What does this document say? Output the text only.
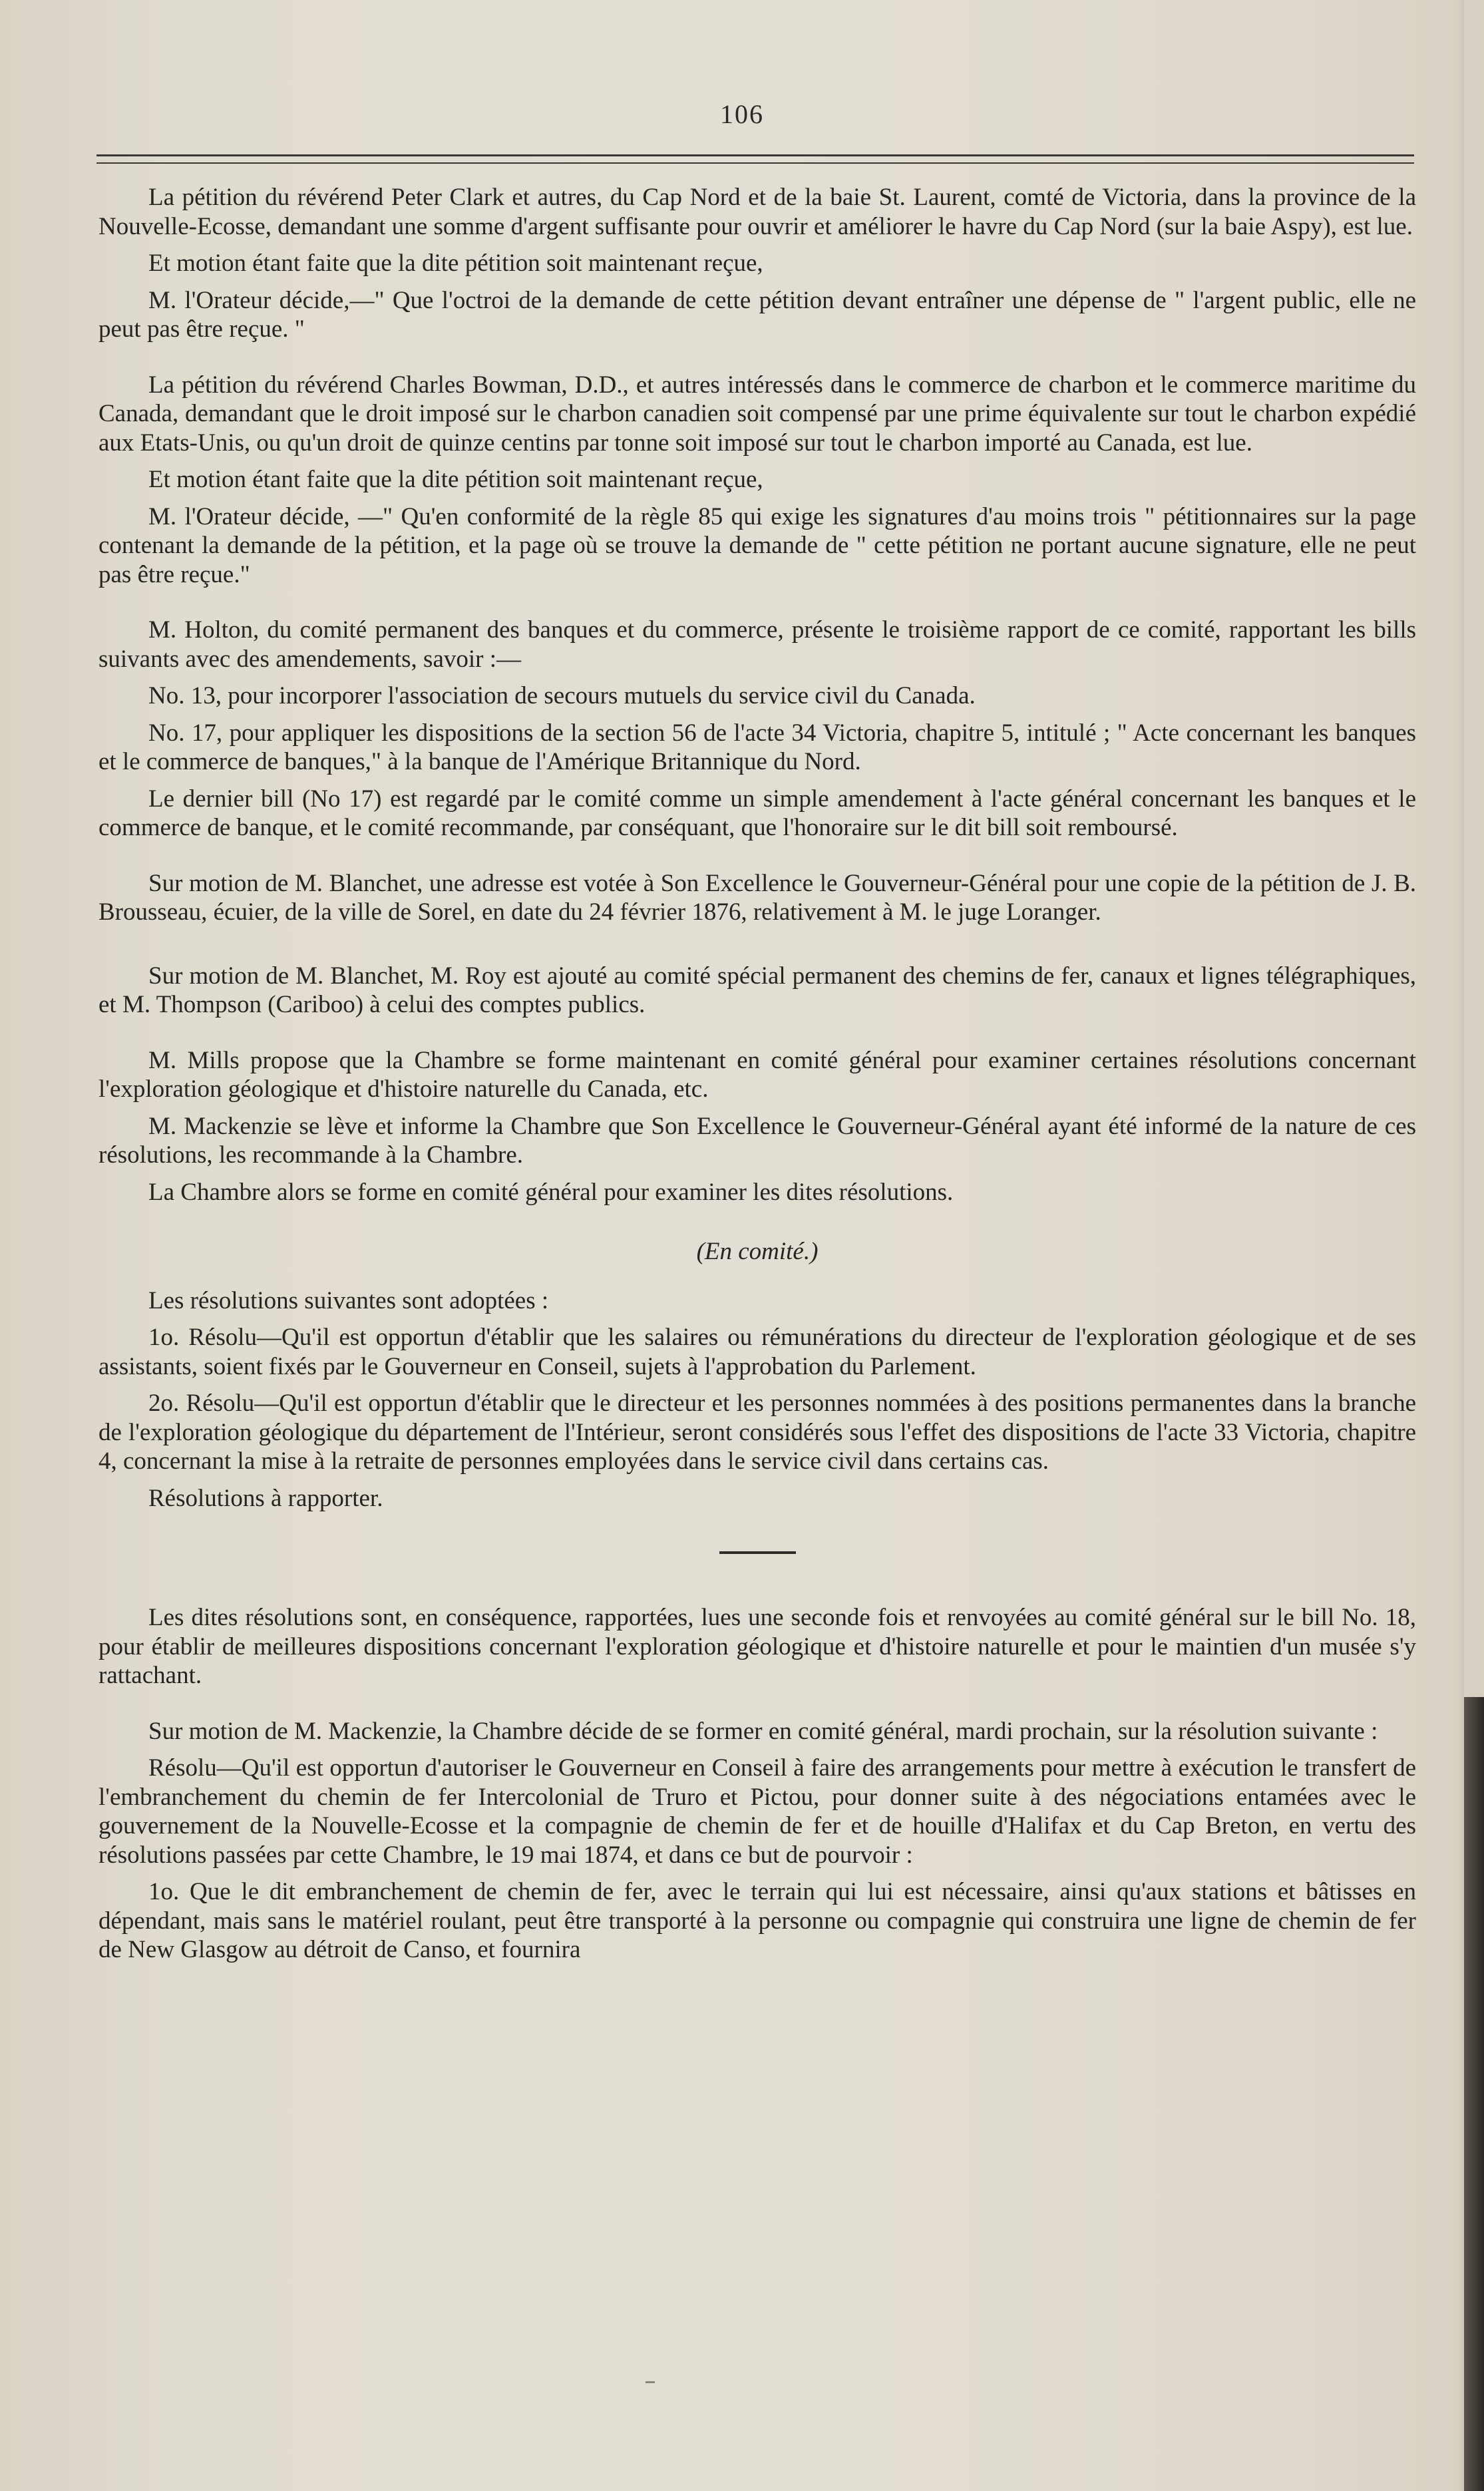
106

La pétition du révérend Peter Clark et autres, du Cap Nord et de la baie St. Laurent, comté de Victoria, dans la province de la Nouvelle-Ecosse, demandant une somme d'argent suffisante pour ouvrir et améliorer le havre du Cap Nord (sur la baie Aspy), est lue.

Et motion étant faite que la dite pétition soit maintenant reçue,

M. l'Orateur décide,—" Que l'octroi de la demande de cette pétition devant entraîner une dépense de " l'argent public, elle ne peut pas être reçue. "

La pétition du révérend Charles Bowman, D.D., et autres intéressés dans le commerce de charbon et le commerce maritime du Canada, demandant que le droit imposé sur le charbon canadien soit compensé par une prime équivalente sur tout le charbon expédié aux Etats-Unis, ou qu'un droit de quinze centins par tonne soit imposé sur tout le charbon importé au Canada, est lue.

Et motion étant faite que la dite pétition soit maintenant reçue,

M. l'Orateur décide, —" Qu'en conformité de la règle 85 qui exige les signatures d'au moins trois " pétitionnaires sur la page contenant la demande de la pétition, et la page où se trouve la demande de " cette pétition ne portant aucune signature, elle ne peut pas être reçue."

M. Holton, du comité permanent des banques et du commerce, présente le troisième rapport de ce comité, rapportant les bills suivants avec des amendements, savoir :—

No. 13, pour incorporer l'association de secours mutuels du service civil du Canada.

No. 17, pour appliquer les dispositions de la section 56 de l'acte 34 Victoria, chapitre 5, intitulé ; " Acte concernant les banques et le commerce de banques," à la banque de l'Amérique Britannique du Nord.

Le dernier bill (No 17) est regardé par le comité comme un simple amendement à l'acte général concernant les banques et le commerce de banque, et le comité recommande, par conséquant, que l'honoraire sur le dit bill soit remboursé.

Sur motion de M. Blanchet, une adresse est votée à Son Excellence le Gouverneur-Général pour une copie de la pétition de J. B. Brousseau, écuier, de la ville de Sorel, en date du 24 février 1876, relativement à M. le juge Loranger.

Sur motion de M. Blanchet, M. Roy est ajouté au comité spécial permanent des chemins de fer, canaux et lignes télégraphiques, et M. Thompson (Cariboo) à celui des comptes publics.

M. Mills propose que la Chambre se forme maintenant en comité général pour examiner certaines résolutions concernant l'exploration géologique et d'histoire naturelle du Canada, etc.

M. Mackenzie se lève et informe la Chambre que Son Excellence le Gouverneur-Général ayant été informé de la nature de ces résolutions, les recommande à la Chambre.

La Chambre alors se forme en comité général pour examiner les dites résolutions.

(En comité.)

Les résolutions suivantes sont adoptées :

1o. Résolu—Qu'il est opportun d'établir que les salaires ou rémunérations du directeur de l'exploration géologique et de ses assistants, soient fixés par le Gouverneur en Conseil, sujets à l'approbation du Parlement.

2o. Résolu—Qu'il est opportun d'établir que le directeur et les personnes nommées à des positions permanentes dans la branche de l'exploration géologique du département de l'Intérieur, seront considérés sous l'effet des dispositions de l'acte 33 Victoria, chapitre 4, concernant la mise à la retraite de personnes employées dans le service civil dans certains cas.

Résolutions à rapporter.

Les dites résolutions sont, en conséquence, rapportées, lues une seconde fois et renvoyées au comité général sur le bill No. 18, pour établir de meilleures dispositions concernant l'exploration géologique et d'histoire naturelle et pour le maintien d'un musée s'y rattachant.

Sur motion de M. Mackenzie, la Chambre décide de se former en comité général, mardi prochain, sur la résolution suivante :

Résolu—Qu'il est opportun d'autoriser le Gouverneur en Conseil à faire des arrangements pour mettre à exécution le transfert de l'embranchement du chemin de fer Intercolonial de Truro et Pictou, pour donner suite à des négociations entamées avec le gouvernement de la Nouvelle-Ecosse et la compagnie de chemin de fer et de houille d'Halifax et du Cap Breton, en vertu des résolutions passées par cette Chambre, le 19 mai 1874, et dans ce but de pourvoir :

1o. Que le dit embranchement de chemin de fer, avec le terrain qui lui est nécessaire, ainsi qu'aux stations et bâtisses en dépendant, mais sans le matériel roulant, peut être transporté à la personne ou compagnie qui construira une ligne de chemin de fer de New Glasgow au détroit de Canso, et fournira
